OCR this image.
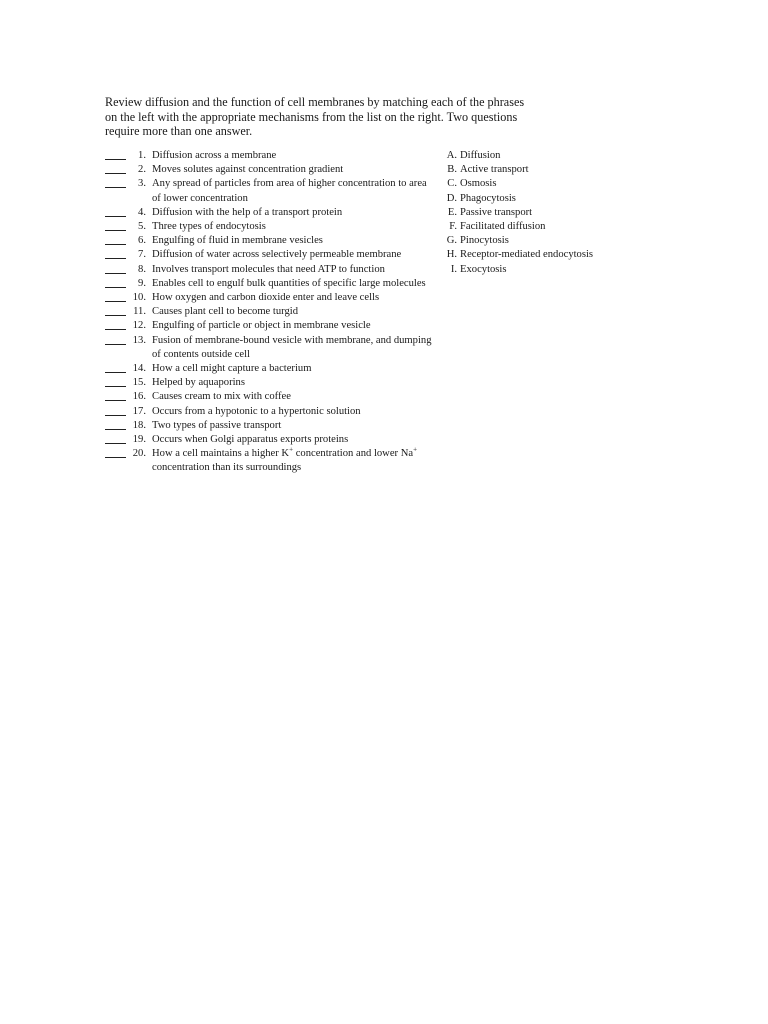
Review diffusion and the function of cell membranes by matching each of the phrases on the left with the appropriate mechanisms from the list on the right. Two questions require more than one answer.
1. Diffusion across a membrane
2. Moves solutes against concentration gradient
3. Any spread of particles from area of higher concentration to area of lower concentration
4. Diffusion with the help of a transport protein
5. Three types of endocytosis
6. Engulfing of fluid in membrane vesicles
7. Diffusion of water across selectively permeable membrane
8. Involves transport molecules that need ATP to function
9. Enables cell to engulf bulk quantities of specific large molecules
10. How oxygen and carbon dioxide enter and leave cells
11. Causes plant cell to become turgid
12. Engulfing of particle or object in membrane vesicle
13. Fusion of membrane-bound vesicle with membrane, and dumping of contents outside cell
14. How a cell might capture a bacterium
15. Helped by aquaporins
16. Causes cream to mix with coffee
17. Occurs from a hypotonic to a hypertonic solution
18. Two types of passive transport
19. Occurs when Golgi apparatus exports proteins
20. How a cell maintains a higher K+ concentration and lower Na+ concentration than its surroundings
A. Diffusion
B. Active transport
C. Osmosis
D. Phagocytosis
E. Passive transport
F. Facilitated diffusion
G. Pinocytosis
H. Receptor-mediated endocytosis
I. Exocytosis
